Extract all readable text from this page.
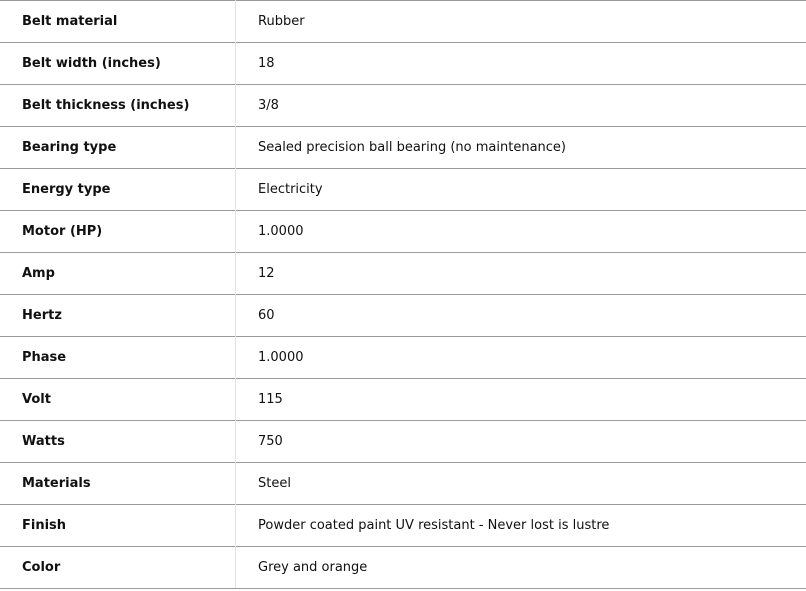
Belt material	Rubber
Belt width (inches)	18
Belt thickness (inches)	3/8
Bearing type	Sealed precision ball bearing (no maintenance)
Energy type	Electricity
Motor (HP)	1.0000
Amp	12
Hertz	60
Phase	1.0000
Volt	115
Watts	750
Materials	Steel
Finish	Powder coated paint UV resistant - Never lost is lustre
Color	Grey and orange
